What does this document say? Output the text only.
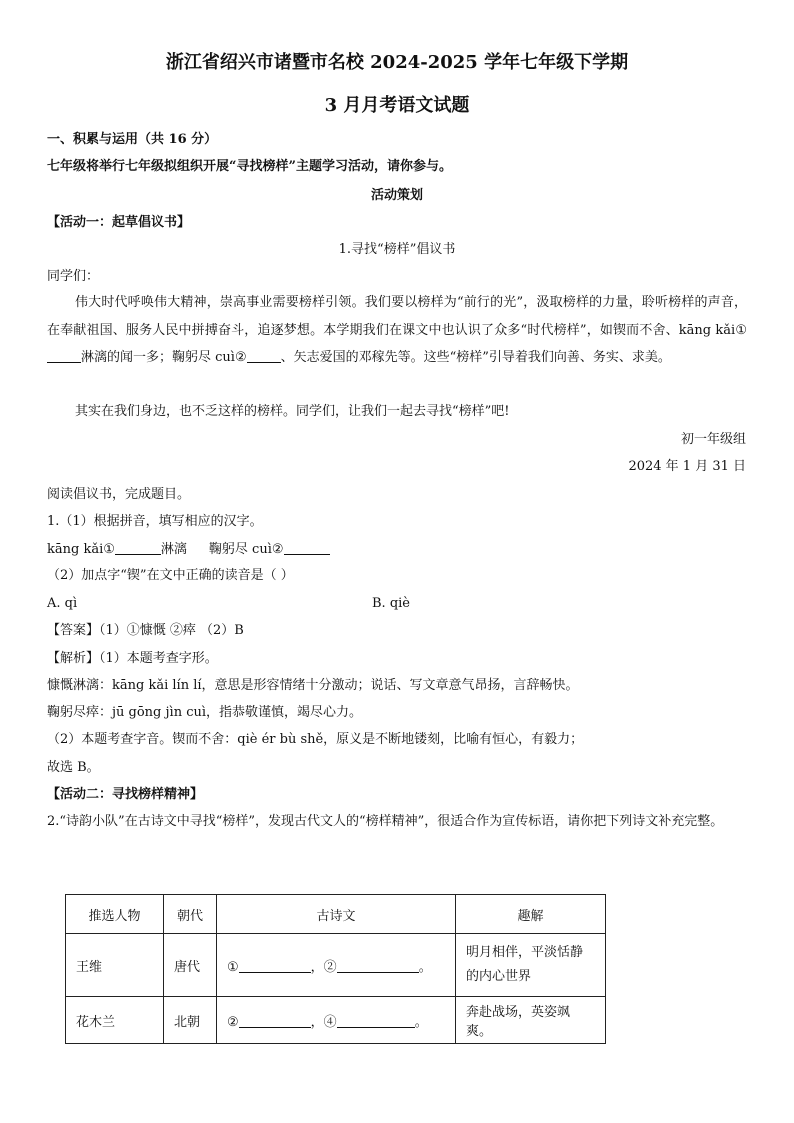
浙江省绍兴市诸暨市名校 2024-2025 学年七年级下学期
3 月月考语文试题
一、积累与运用（共 16 分）
七年级将举行七年级拟组织开展“寻找榜样”主题学习活动，请你参与。
活动策划
【活动一：起草倡议书】
1.寻找“榜样”倡议书
同学们：
伟大时代呼唤伟大精神，崇高事业需要榜样引领。我们要以榜样为“前行的光”，汲取榜样的力量，聆听榜样的声音，在奉献祖国、服务人民中拼搏奋斗，追逐梦想。本学期我们在课文中也认识了众多“时代榜样”，如锲而不舍、kāng kǎi①淋漓的闻一多；鞠躬尽 cuì②	、矢志爱国的邓稼先等。这些“榜样”引导着我们向善、务实、求美。
其实在我们身边，也不乏这样的榜样。同学们，让我们一起去寻找“榜样”吧!
初一年级组
2024 年 1 月 31 日
阅读倡议书，完成题目。
1.（1）根据拼音，填写相应的汉字。
kāng kǎi①	淋漓 鞠躬尽 cuì②
（2）加点字“锲”在文中正确的读音是（ ）
A. qì	B. qiè
【答案】（1）①慷慨 ②瘁 （2）B
【解析】（1）本题考查字形。
慷慨淋漓：kāng kǎi lín lí，意思是形容情绪十分激动；说话、写文章意气昂扬，言辞畅快。
鞠躬尽瘁：jū gōng jìn cuì，指恭敬谨慎，竭尽心力。
（2）本题考查字音。锲而不舍：qiè ér bù shě，原义是不断地镂刻，比喻有恒心，有毅力；
故选 B。
【活动二：寻找榜样精神】
2.“诗韵小队”在古诗文中寻找“榜样”，发现古代文人的“榜样精神”，很适合作为宣传标语，请你把下列诗文补充完整。
推选人物	朝代	古诗文	趣解
王维	唐代	① ，② 。	明月相伴，平淡恬静的内心世界
花木兰	北朝	② ，④ 。	奔赴战场，英姿飒爽。
